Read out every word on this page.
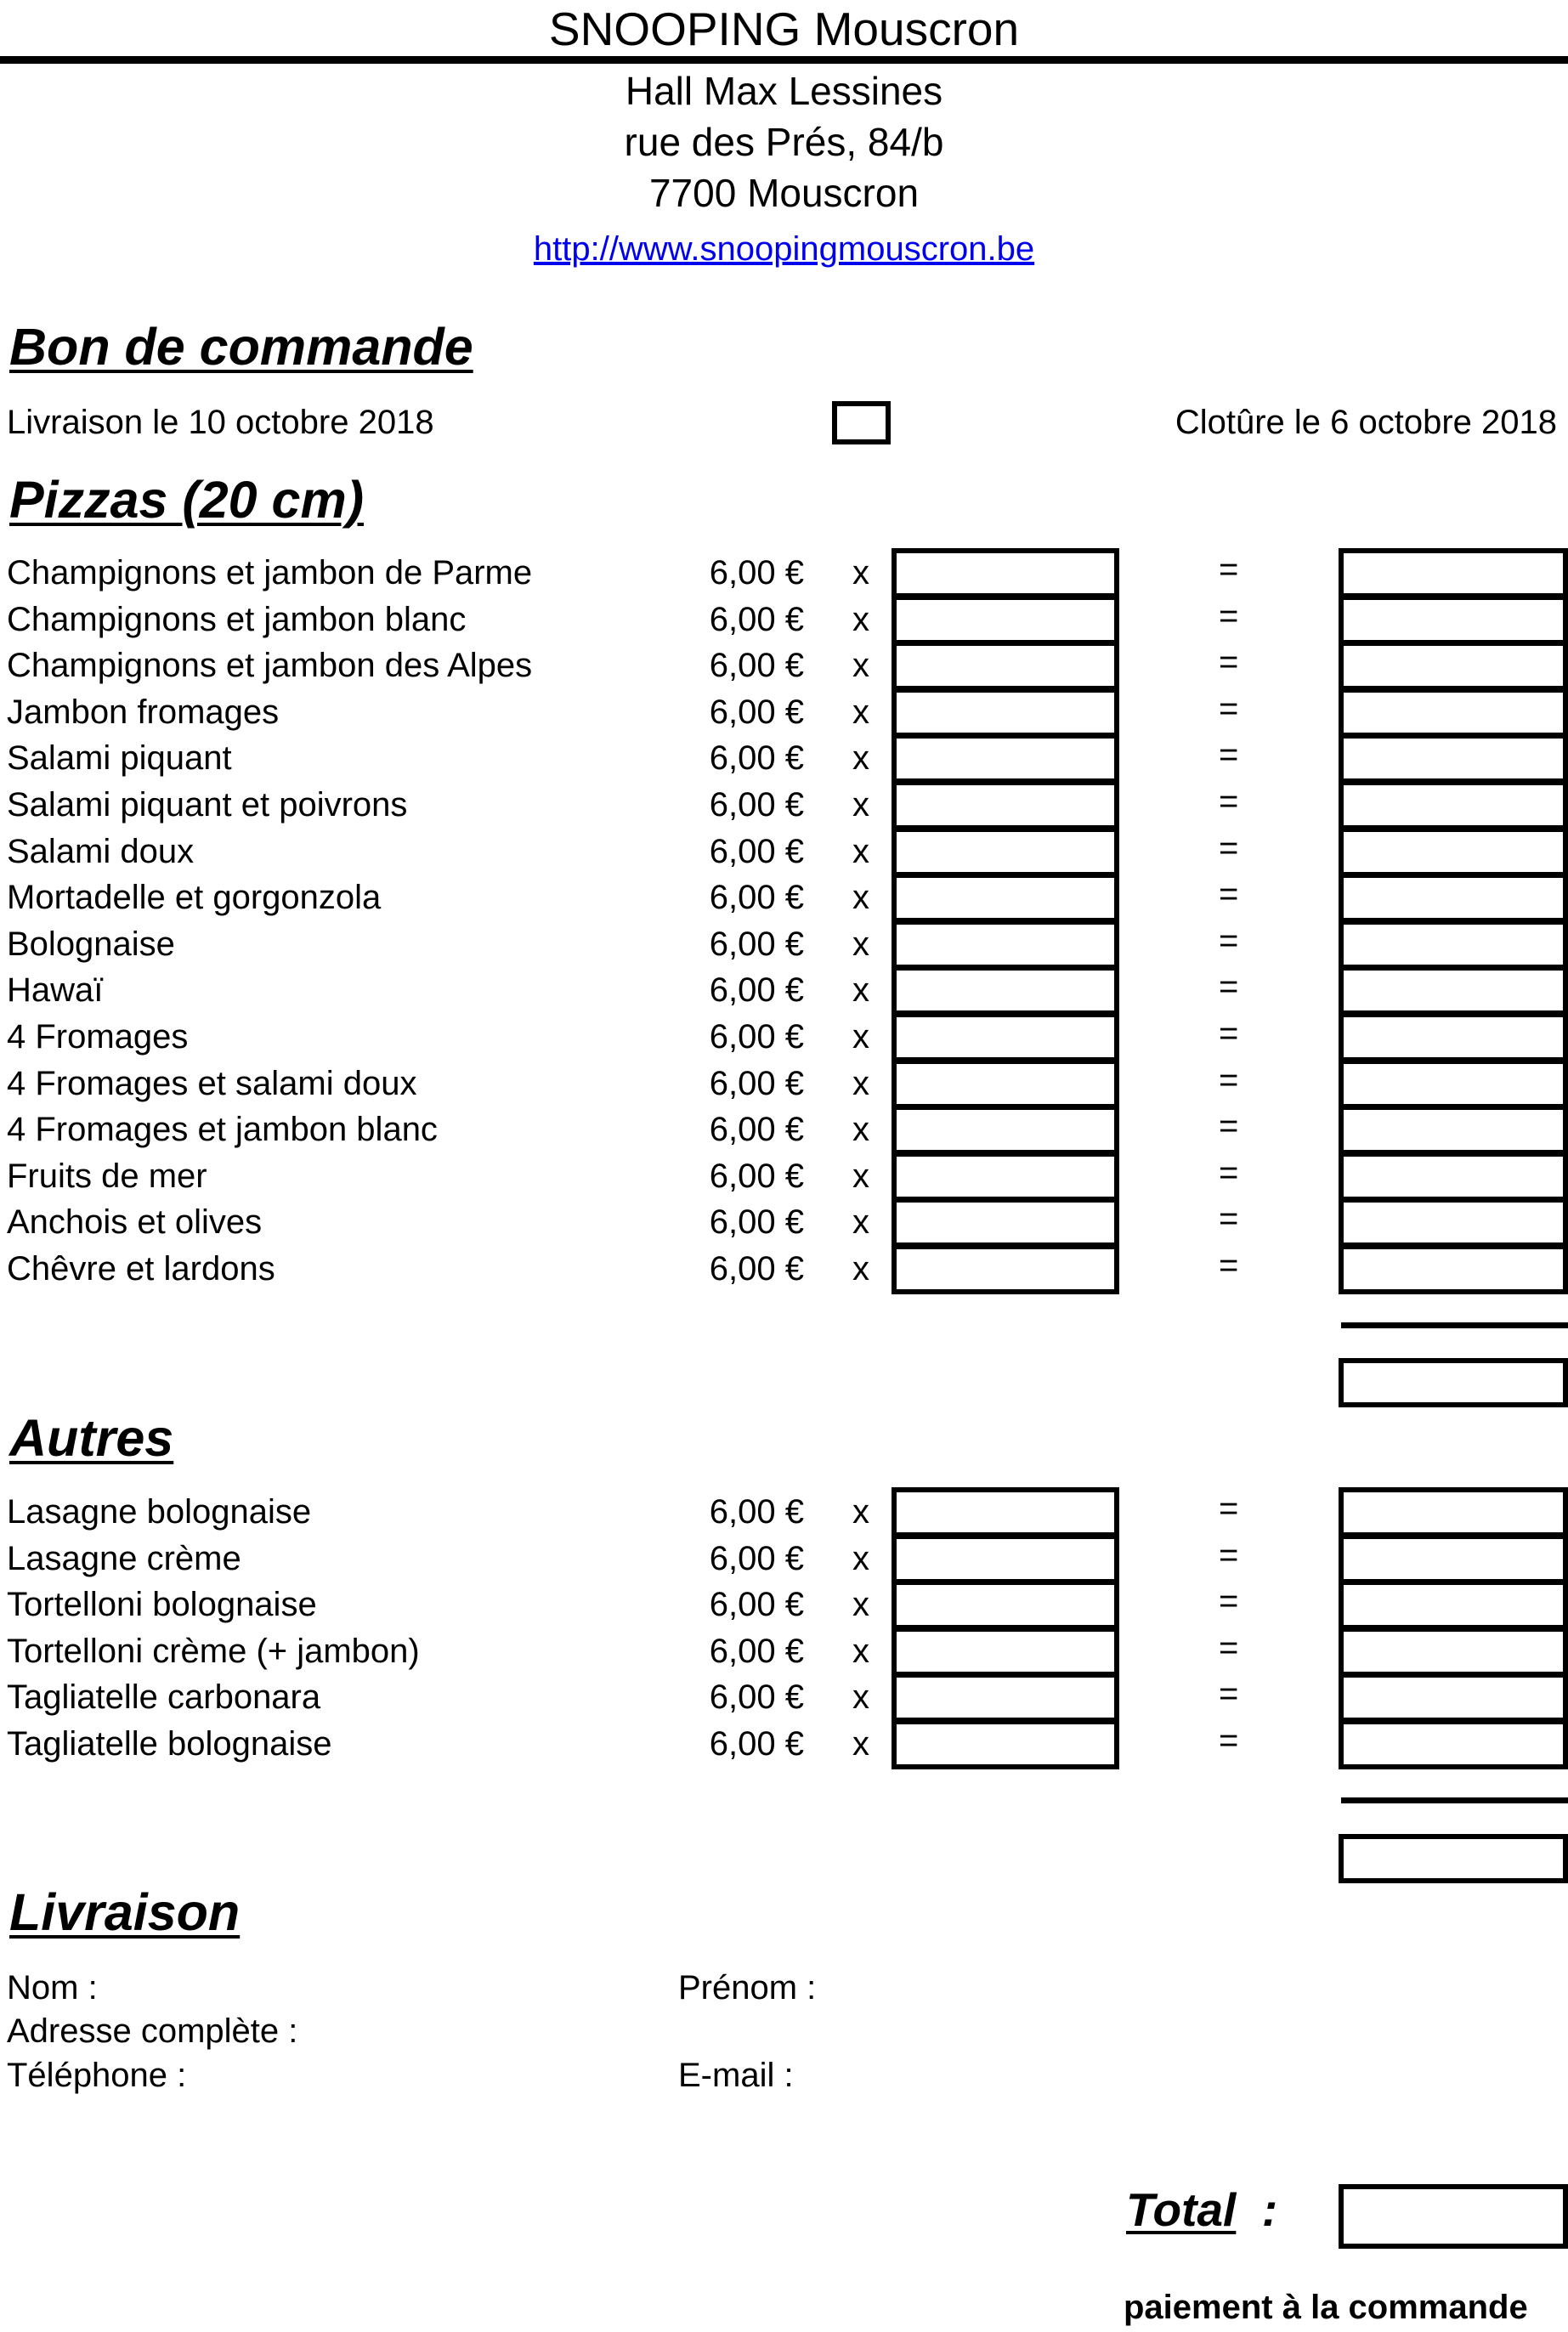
SNOOPING Mouscron
Hall Max Lessines
rue des Prés, 84/b
7700 Mouscron
http://www.snoopingmouscron.be
Bon de commande
Livraison le 10 octobre 2018	Clotûre le 6 octobre 2018
Pizzas (20 cm)
Champignons et jambon de Parme	6,00 € x	=
Champignons et jambon blanc	6,00 € x	=
Champignons et jambon des Alpes	6,00 € x	=
Jambon fromages	6,00 € x	=
Salami piquant	6,00 € x	=
Salami piquant et poivrons	6,00 € x	=
Salami doux	6,00 € x	=
Mortadelle et gorgonzola	6,00 € x	=
Bolognaise	6,00 € x	=
Hawaï	6,00 € x	=
4 Fromages	6,00 € x	=
4 Fromages et salami doux	6,00 € x	=
4 Fromages et jambon blanc	6,00 € x	=
Fruits de mer	6,00 € x	=
Anchois et olives	6,00 € x	=
Chêvre et lardons	6,00 € x	=
Autres
Lasagne bolognaise	6,00 € x	=
Lasagne crème	6,00 € x	=
Tortelloni bolognaise	6,00 € x	=
Tortelloni crème (+ jambon)	6,00 € x	=
Tagliatelle carbonara	6,00 € x	=
Tagliatelle bolognaise	6,00 € x	=
Livraison
Nom :	Prénom :
Adresse complète :
Téléphone :	E-mail :
Total :
paiement à la commande
